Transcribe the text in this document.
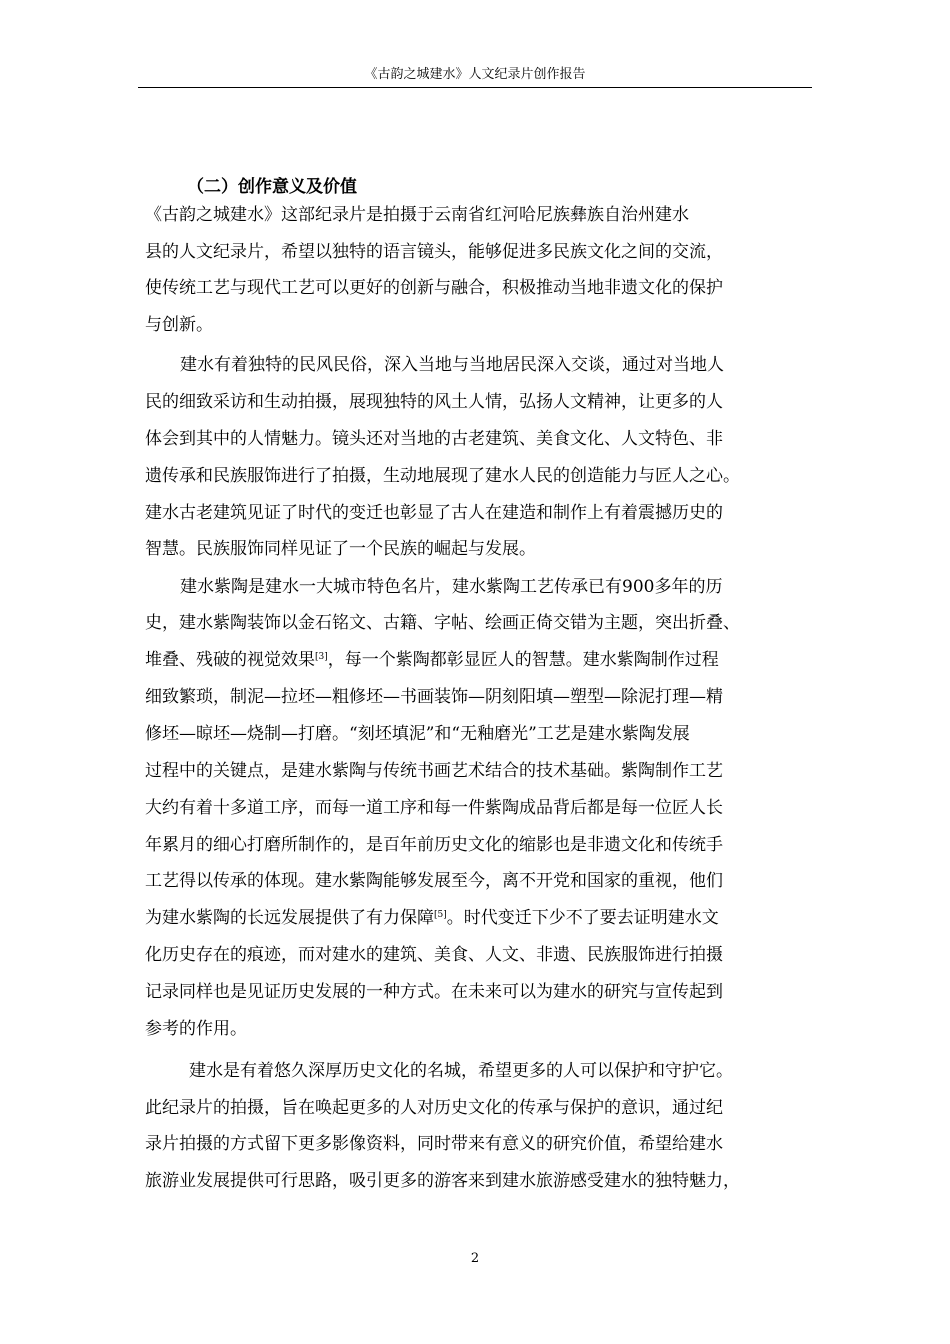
《古韵之城建水》人文纪录片创作报告
（二）创作意义及价值
《古韵之城建水》这部纪录片是拍摄于云南省红河哈尼族彝族自治州建水
县的人文纪录片，希望以独特的语言镜头，能够促进多民族文化之间的交流，
使传统工艺与现代工艺可以更好的创新与融合，积极推动当地非遗文化的保护
与创新。
建水有着独特的民风民俗，深入当地与当地居民深入交谈，通过对当地人
民的细致采访和生动拍摄，展现独特的风土人情，弘扬人文精神，让更多的人
体会到其中的人情魅力。镜头还对当地的古老建筑、美食文化、人文特色、非
遗传承和民族服饰进行了拍摄，生动地展现了建水人民的创造能力与匠人之心。
建水古老建筑见证了时代的变迁也彰显了古人在建造和制作上有着震撼历史的
智慧。民族服饰同样见证了一个民族的崛起与发展。
建水紫陶是建水一大城市特色名片，建水紫陶工艺传承已有900多年的历
史，建水紫陶装饰以金石铭文、古籍、字帖、绘画正倚交错为主题，突出折叠、
堆叠、残破的视觉效果[3]，每一个紫陶都彰显匠人的智慧。建水紫陶制作过程
细致繁琐，制泥—拉坯—粗修坯—书画装饰—阴刻阳填—塑型—除泥打理—精
修坯—晾坯—烧制—打磨。“刻坯填泥”和“无釉磨光”工艺是建水紫陶发展
过程中的关键点，是建水紫陶与传统书画艺术结合的技术基础。紫陶制作工艺
大约有着十多道工序，而每一道工序和每一件紫陶成品背后都是每一位匠人长
年累月的细心打磨所制作的，是百年前历史文化的缩影也是非遗文化和传统手
工艺得以传承的体现。建水紫陶能够发展至今，离不开党和国家的重视，他们
为建水紫陶的长远发展提供了有力保障[5]。时代变迁下少不了要去证明建水文
化历史存在的痕迹，而对建水的建筑、美食、人文、非遗、民族服饰进行拍摄
记录同样也是见证历史发展的一种方式。在未来可以为建水的研究与宣传起到
参考的作用。
建水是有着悠久深厚历史文化的名城，希望更多的人可以保护和守护它。
此纪录片的拍摄，旨在唤起更多的人对历史文化的传承与保护的意识，通过纪
录片拍摄的方式留下更多影像资料，同时带来有意义的研究价值，希望给建水
旅游业发展提供可行思路，吸引更多的游客来到建水旅游感受建水的独特魅力，
2
